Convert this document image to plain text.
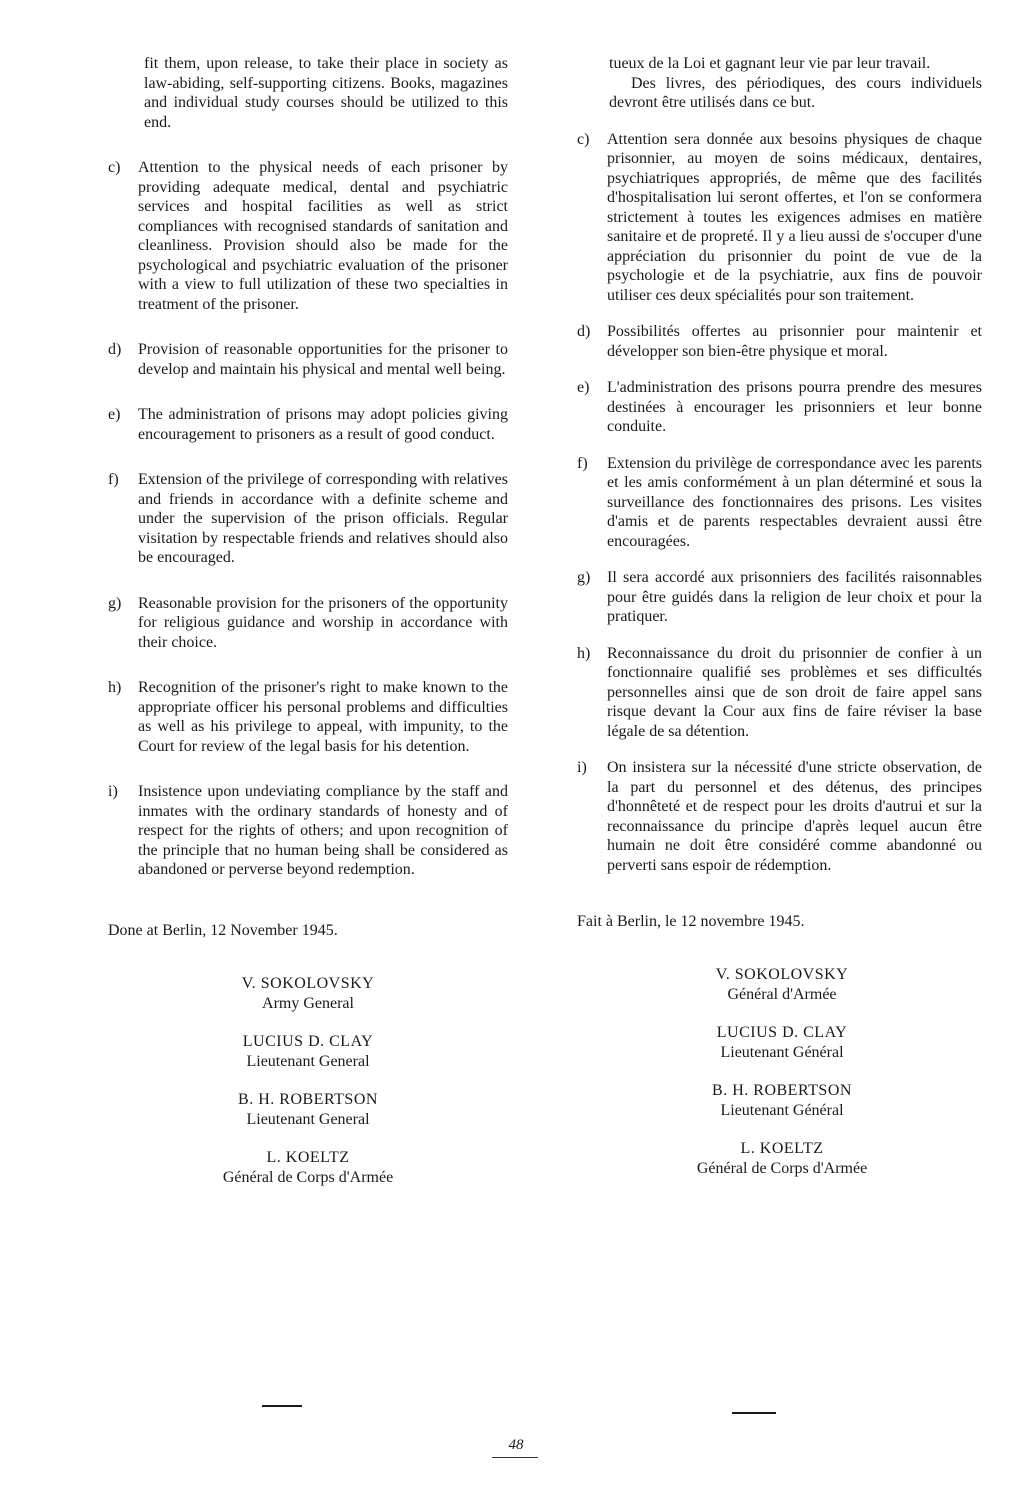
fit them, upon release, to take their place in society as law-abiding, self-supporting citizens. Books, magazines and individual study courses should be utilized to this end.

c) Attention to the physical needs of each prisoner by providing adequate medical, dental and psychiatric services and hospital facilities as well as strict compliances with recognised standards of sanitation and cleanliness. Provision should also be made for the psychological and psychiatric evaluation of the prisoner with a view to full utilization of these two specialties in treatment of the prisoner.
d) Provision of reasonable opportunities for the prisoner to develop and maintain his physical and mental well being.
e) The administration of prisons may adopt policies giving encouragement to prisoners as a result of good conduct.
f) Extension of the privilege of corresponding with relatives and friends in accordance with a definite scheme and under the supervision of the prison officials. Regular visitation by respectable friends and relatives should also be encouraged.
g) Reasonable provision for the prisoners of the opportunity for religious guidance and worship in accordance with their choice.
h) Recognition of the prisoner's right to make known to the appropriate officer his personal problems and difficulties as well as his privilege to appeal, with impunity, to the Court for review of the legal basis for his detention.
i) Insistence upon undeviating compliance by the staff and inmates with the ordinary standards of honesty and of respect for the rights of others; and upon recognition of the principle that no human being shall be considered as abandoned or perverse beyond redemption.

Done at Berlin, 12 November 1945.

V. SOKOLOVSKY
Army General
LUCIUS D. CLAY
Lieutenant General
B. H. ROBERTSON
Lieutenant General
L. KOELTZ
Général de Corps d'Armée

tueux de la Loi et gagnant leur vie par leur travail.

Des livres, des périodiques, des cours individuels devront être utilisés dans ce but.

c) Attention sera donnée aux besoins physiques de chaque prisonnier, au moyen de soins médicaux, dentaires, psychiatriques appropriés, de même que des facilités d'hospitalisation lui seront offertes, et l'on se conformera strictement à toutes les exigences admises en matière sanitaire et de propreté. Il y a lieu aussi de s'occuper d'une appréciation du prisonnier du point de vue de la psychologie et de la psychiatrie, aux fins de pouvoir utiliser ces deux spécialités pour son traitement.
d) Possibilités offertes au prisonnier pour maintenir et développer son bien-être physique et moral.
e) L'administration des prisons pourra prendre des mesures destinées à encourager les prisonniers et leur bonne conduite.
f) Extension du privilège de correspondance avec les parents et les amis conformément à un plan déterminé et sous la surveillance des fonctionnaires des prisons. Les visites d'amis et de parents respectables devraient aussi être encouragées.
g) Il sera accordé aux prisonniers des facilités raisonnables pour être guidés dans la religion de leur choix et pour la pratiquer.
h) Reconnaissance du droit du prisonnier de confier à un fonctionnaire qualifié ses problèmes et ses difficultés personnelles ainsi que de son droit de faire appel sans risque devant la Cour aux fins de faire réviser la base légale de sa détention.
i) On insistera sur la nécessité d'une stricte observation, de la part du personnel et des détenus, des principes d'honnêteté et de respect pour les droits d'autrui et sur la reconnaissance du principe d'après lequel aucun être humain ne doit être considéré comme abandonné ou perverti sans espoir de rédemption.

Fait à Berlin, le 12 novembre 1945.

V. SOKOLOVSKY
Général d'Armée
LUCIUS D. CLAY
Lieutenant Général
B. H. ROBERTSON
Lieutenant Général
L. KOELTZ
Général de Corps d'Armée
48
